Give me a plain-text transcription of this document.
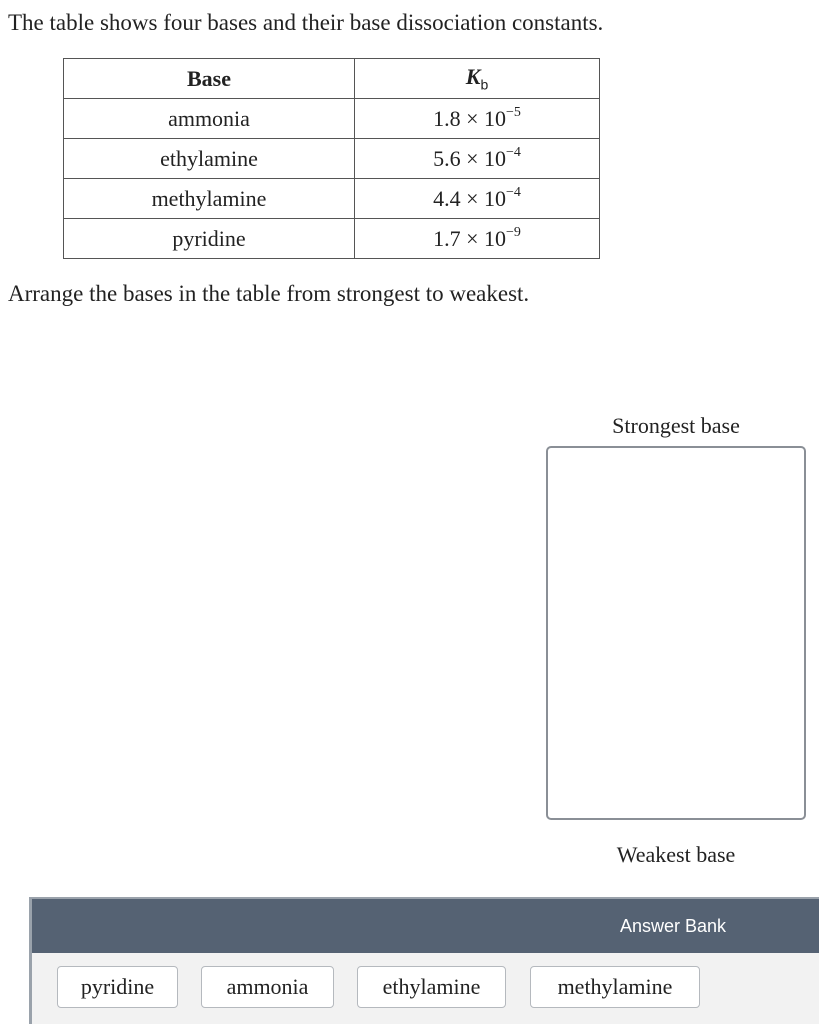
The table shows four bases and their base dissociation constants.

Base	$K_b$
ammonia	$1.8 \times 10^{-5}$
ethylamine	$5.6 \times 10^{-4}$
methylamine	$4.4 \times 10^{-4}$
pyridine	$1.7 \times 10^{-9}$

Arrange the bases in the table from strongest to weakest.

Strongest base
Weakest base
Answer Bank
pyridine	ammonia	ethylamine	methylamine
